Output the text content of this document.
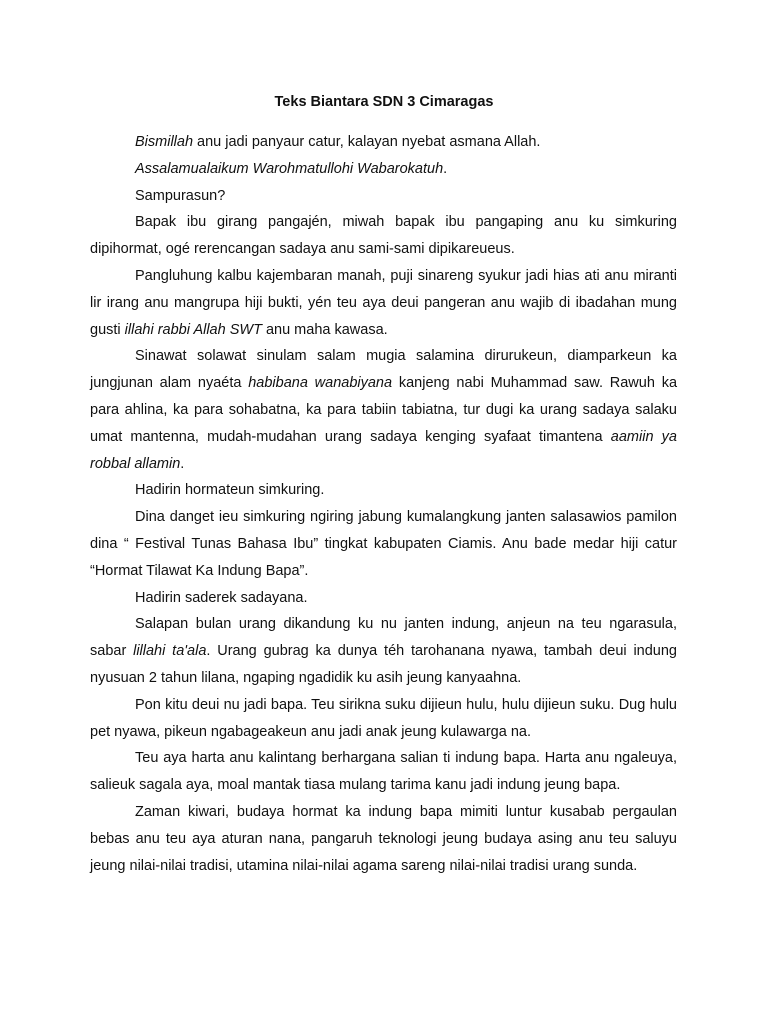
Teks Biantara SDN 3 Cimaragas

Bismillah anu jadi panyaur catur, kalayan nyebat asmana Allah.

Assalamualaikum Warohmatullohi Wabarokatuh.

Sampurasun?

Bapak ibu girang pangajén, miwah bapak ibu pangaping anu ku simkuring dipihormat, ogé rerencangan sadaya anu sami-sami dipikareueus.

Pangluhung kalbu kajembaran manah, puji sinareng syukur jadi hias ati anu miranti lir irang anu mangrupa hiji bukti, yén teu aya deui pangeran anu wajib di ibadahan mung gusti illahi rabbi Allah SWT anu maha kawasa.

Sinawat solawat sinulam salam mugia salamina dirurukeun, diamparkeun ka jungjunan alam nyaéta habibana wanabiyana kanjeng nabi Muhammad saw. Rawuh ka para ahlina, ka para sohabatna, ka para tabiin tabiatna, tur dugi ka urang sadaya salaku umat mantenna, mudah-mudahan urang sadaya kenging syafaat timantena aamiin ya robbal allamin.

Hadirin hormateun simkuring.

Dina danget ieu simkuring ngiring jabung kumalangkung janten salasawios pamilon dina “ Festival Tunas Bahasa Ibu” tingkat kabupaten Ciamis. Anu bade medar hiji catur “Hormat Tilawat Ka Indung Bapa”.

Hadirin saderek sadayana.

Salapan bulan urang dikandung ku nu janten indung, anjeun na teu ngarasula, sabar lillahi ta'ala. Urang gubrag ka dunya téh tarohanana nyawa, tambah deui indung nyusuan 2 tahun lilana, ngaping ngadidik ku asih jeung kanyaahna.

Pon kitu deui nu jadi bapa. Teu sirikna suku dijieun hulu, hulu dijieun suku. Dug hulu pet nyawa, pikeun ngabageakeun anu jadi anak jeung kulawarga na.

Teu aya harta anu kalintang berhargana salian ti indung bapa. Harta anu ngaleuya, salieuk sagala aya, moal mantak tiasa mulang tarima kanu jadi indung jeung bapa.

Zaman kiwari, budaya hormat ka indung bapa mimiti luntur kusabab pergaulan bebas anu teu aya aturan nana, pangaruh teknologi jeung budaya asing anu teu saluyu jeung nilai-nilai tradisi, utamina nilai-nilai agama sareng nilai-nilai tradisi urang sunda.
